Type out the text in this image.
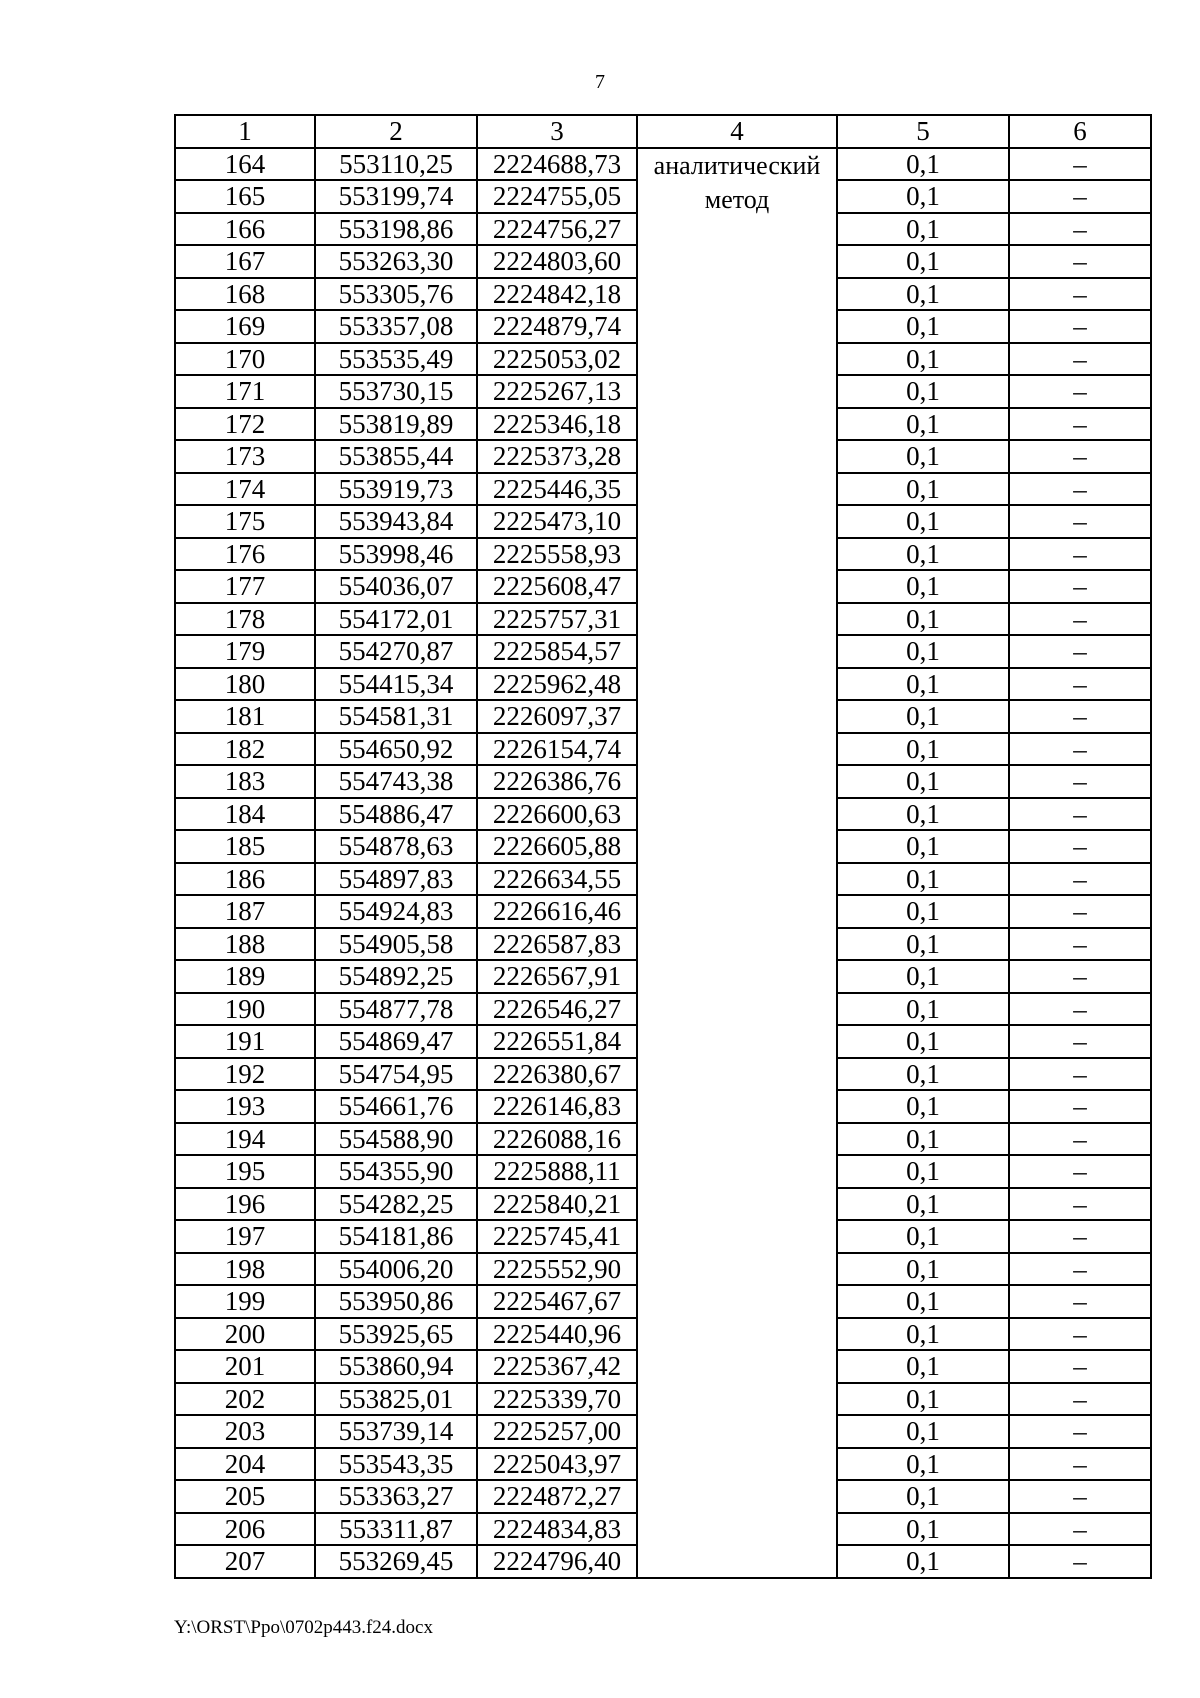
7
1	2	3	4	5	6
164	553110,25	2224688,73	аналитический метод	0,1	–
165	553199,74	2224755,05		0,1	–
166	553198,86	2224756,27		0,1	–
167	553263,30	2224803,60		0,1	–
168	553305,76	2224842,18		0,1	–
169	553357,08	2224879,74		0,1	–
170	553535,49	2225053,02		0,1	–
171	553730,15	2225267,13		0,1	–
172	553819,89	2225346,18		0,1	–
173	553855,44	2225373,28		0,1	–
174	553919,73	2225446,35		0,1	–
175	553943,84	2225473,10		0,1	–
176	553998,46	2225558,93		0,1	–
177	554036,07	2225608,47		0,1	–
178	554172,01	2225757,31		0,1	–
179	554270,87	2225854,57		0,1	–
180	554415,34	2225962,48		0,1	–
181	554581,31	2226097,37		0,1	–
182	554650,92	2226154,74		0,1	–
183	554743,38	2226386,76		0,1	–
184	554886,47	2226600,63		0,1	–
185	554878,63	2226605,88		0,1	–
186	554897,83	2226634,55		0,1	–
187	554924,83	2226616,46		0,1	–
188	554905,58	2226587,83		0,1	–
189	554892,25	2226567,91		0,1	–
190	554877,78	2226546,27		0,1	–
191	554869,47	2226551,84		0,1	–
192	554754,95	2226380,67		0,1	–
193	554661,76	2226146,83		0,1	–
194	554588,90	2226088,16		0,1	–
195	554355,90	2225888,11		0,1	–
196	554282,25	2225840,21		0,1	–
197	554181,86	2225745,41		0,1	–
198	554006,20	2225552,90		0,1	–
199	553950,86	2225467,67		0,1	–
200	553925,65	2225440,96		0,1	–
201	553860,94	2225367,42		0,1	–
202	553825,01	2225339,70		0,1	–
203	553739,14	2225257,00		0,1	–
204	553543,35	2225043,97		0,1	–
205	553363,27	2224872,27		0,1	–
206	553311,87	2224834,83		0,1	–
207	553269,45	2224796,40		0,1	–
Y:\ORST\Ppo\0702p443.f24.docx
